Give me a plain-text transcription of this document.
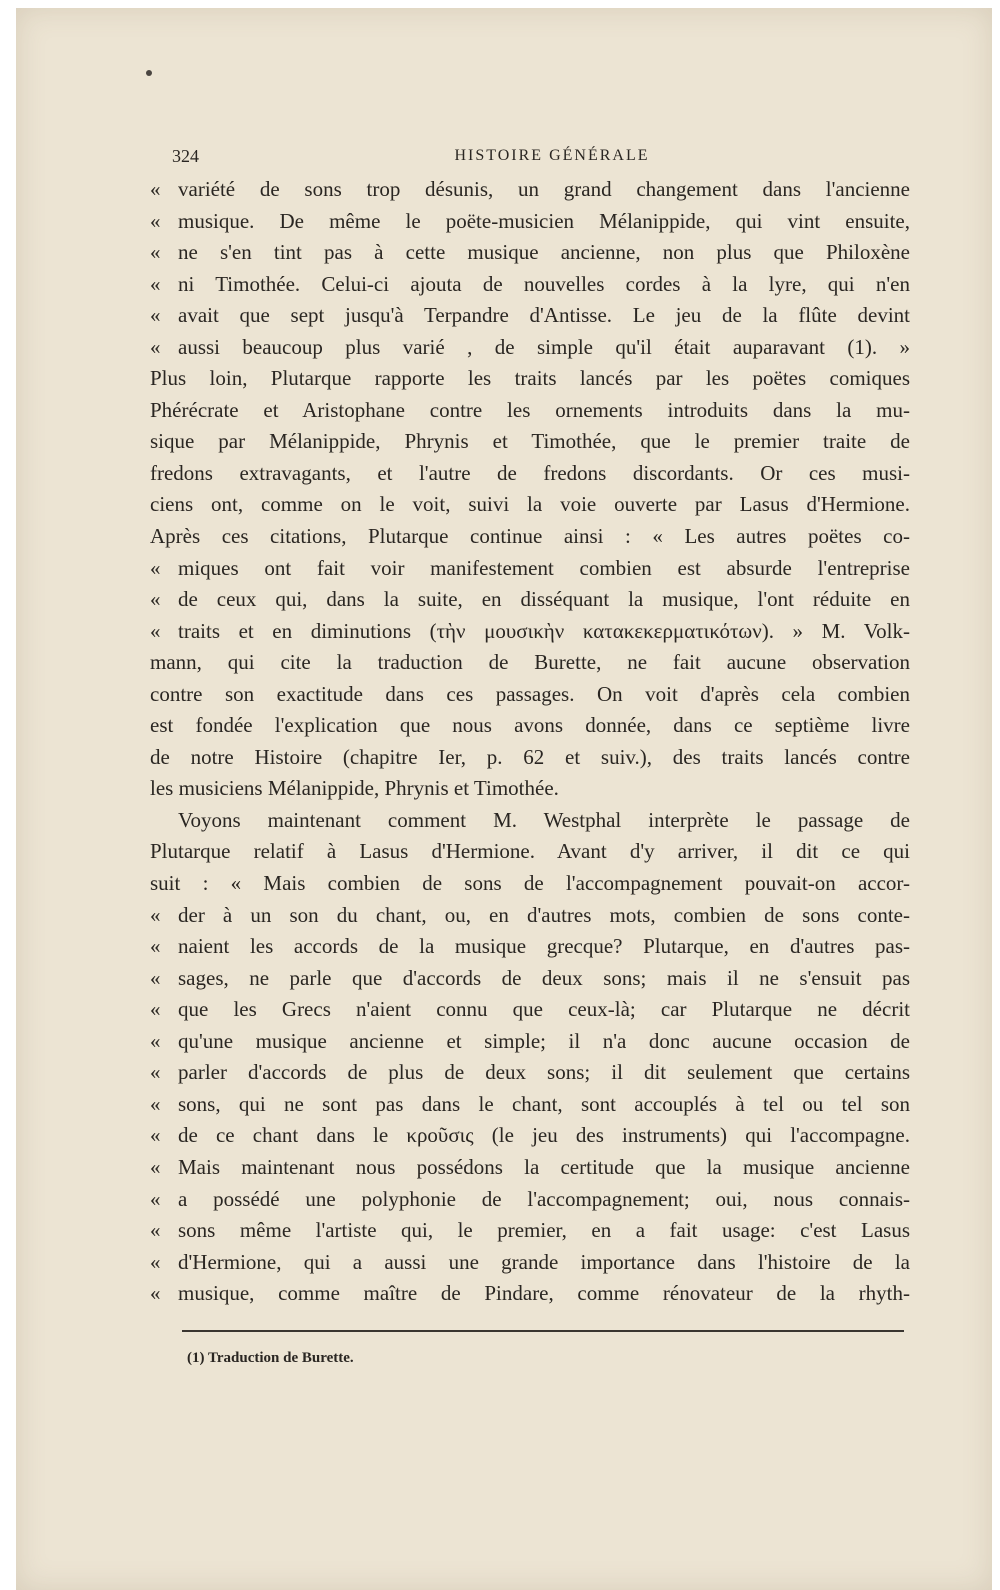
324	HISTOIRE GÉNÉRALE
« variété de sons trop désunis, un grand changement dans l'ancienne
« musique. De même le poëte-musicien Mélanippide, qui vint ensuite,
« ne s'en tint pas à cette musique ancienne, non plus que Philoxène
« ni Timothée. Celui-ci ajouta de nouvelles cordes à la lyre, qui n'en
« avait que sept jusqu'à Terpandre d'Antisse. Le jeu de la flûte devint
« aussi beaucoup plus varié , de simple qu'il était auparavant (1). »
Plus loin, Plutarque rapporte les traits lancés par les poëtes comiques
Phérécrate et Aristophane contre les ornements introduits dans la mu-
sique par Mélanippide, Phrynis et Timothée, que le premier traite de
fredons extravagants, et l'autre de fredons discordants. Or ces musi-
ciens ont, comme on le voit, suivi la voie ouverte par Lasus d'Hermione.
Après ces citations, Plutarque continue ainsi : « Les autres poëtes co-
« miques ont fait voir manifestement combien est absurde l'entreprise
« de ceux qui, dans la suite, en disséquant la musique, l'ont réduite en
« traits et en diminutions (τὴν μουσικὴν κατακεκερματικότων). » M. Volk-
mann, qui cite la traduction de Burette, ne fait aucune observation
contre son exactitude dans ces passages. On voit d'après cela combien
est fondée l'explication que nous avons donnée, dans ce septième livre
de notre Histoire (chapitre Ier, p. 62 et suiv.), des traits lancés contre
les musiciens Mélanippide, Phrynis et Timothée.
Voyons maintenant comment M. Westphal interprète le passage de
Plutarque relatif à Lasus d'Hermione. Avant d'y arriver, il dit ce qui
suit : « Mais combien de sons de l'accompagnement pouvait-on accor-
« der à un son du chant, ou, en d'autres mots, combien de sons conte-
« naient les accords de la musique grecque? Plutarque, en d'autres pas-
« sages, ne parle que d'accords de deux sons; mais il ne s'ensuit pas
« que les Grecs n'aient connu que ceux-là; car Plutarque ne décrit
« qu'une musique ancienne et simple; il n'a donc aucune occasion de
« parler d'accords de plus de deux sons; il dit seulement que certains
« sons, qui ne sont pas dans le chant, sont accouplés à tel ou tel son
« de ce chant dans le κροῦσις (le jeu des instruments) qui l'accompagne.
« Mais maintenant nous possédons la certitude que la musique ancienne
« a possédé une polyphonie de l'accompagnement; oui, nous connais-
« sons même l'artiste qui, le premier, en a fait usage: c'est Lasus
« d'Hermione, qui a aussi une grande importance dans l'histoire de la
« musique, comme maître de Pindare, comme rénovateur de la rhyth-
(1) Traduction de Burette.
